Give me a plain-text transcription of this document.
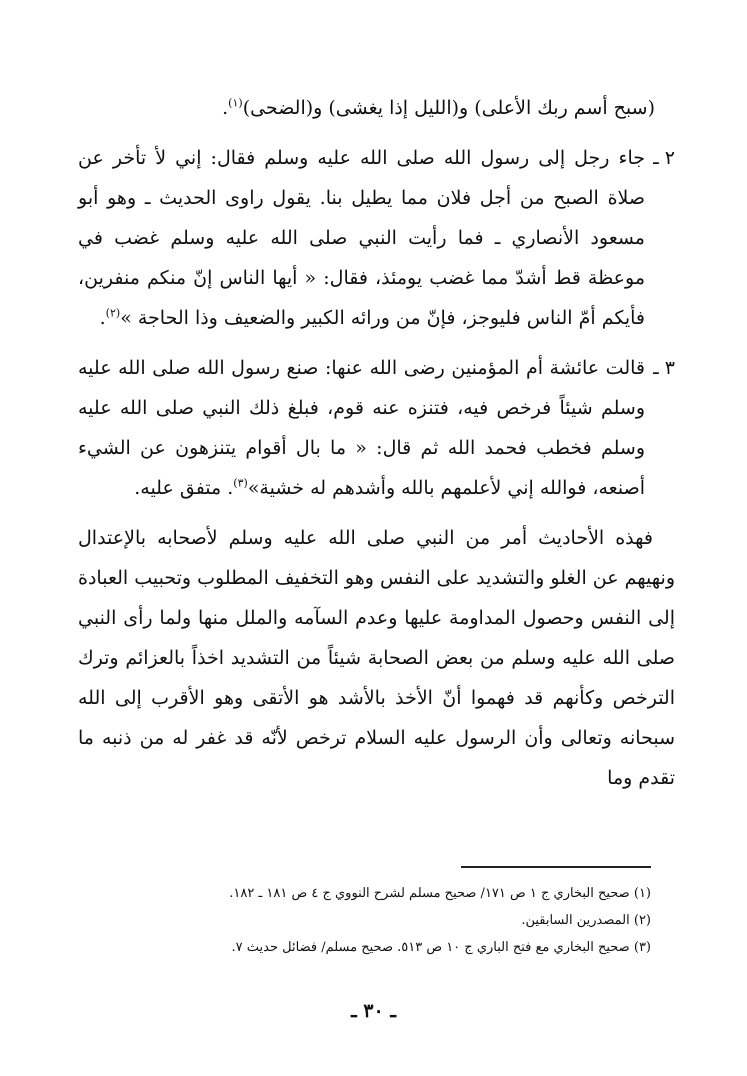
(سبح أسم ربك الأعلى) و(الليل إذا يغشى) و(الضحى)$^{(١)}$.

٢ ـ
جاء رجل إلى رسول الله صلى الله عليه وسلم فقال: إني لأ تأخر عن صلاة الصبح من أجل فلان مما يطيل بنا. يقول راوى الحديث ـ وهو أبو مسعود الأنصاري ـ فما رأيت النبي صلى الله عليه وسلم غضب في موعظة قط أشدّ مما غضب يومئذ، فقال: « أيها الناس إنّ منكم منفرين، فأيكم أمّ الناس فليوجز، فإنّ من ورائه الكبير والضعيف وذا الحاجة »$^{(٢)}$.
٣ ـ
قالت عائشة أم المؤمنين رضى الله عنها: صنع رسول الله صلى الله عليه وسلم شيئاً فرخص فيه، فتنزه عنه قوم، فبلغ ذلك النبي صلى الله عليه وسلم فخطب فحمد الله ثم قال: « ما بال أقوام يتنزهون عن الشيء أصنعه، فوالله إني لأعلمهم بالله وأشدهم له خشية»$^{(٣)}$. متفق عليه.

فهذه الأحاديث أمر من النبي صلى الله عليه وسلم لأصحابه بالإعتدال ونهيهم عن الغلو والتشديد على النفس وهو التخفيف المطلوب وتحبيب العبادة إلى النفس وحصول المداومة عليها وعدم السآمه والملل منها ولما رأى النبي صلى الله عليه وسلم من بعض الصحابة شيئاً من التشديد اخذاً بالعزائم وترك الترخص وكأنهم قد فهموا أنّ الأخذ بالأشد هو الأتقى وهو الأقرب إلى الله سبحانه وتعالى وأن الرسول عليه السلام ترخص لأنّه قد غفر له من ذنبه ما تقدم وما

(١) صحيح البخاري ج ١ ص ١٧١/ صحيح مسلم لشرح النووي ج ٤ ص ١٨١ ـ ١٨٢.
(٢) المصدرين السابقين.
(٣) صحيح البخاري مع فتح الباري ج ١٠ ص ٥١٣. صحيح مسلم/ فضائل حديث ٧.
ـ ٣٠ ـ
